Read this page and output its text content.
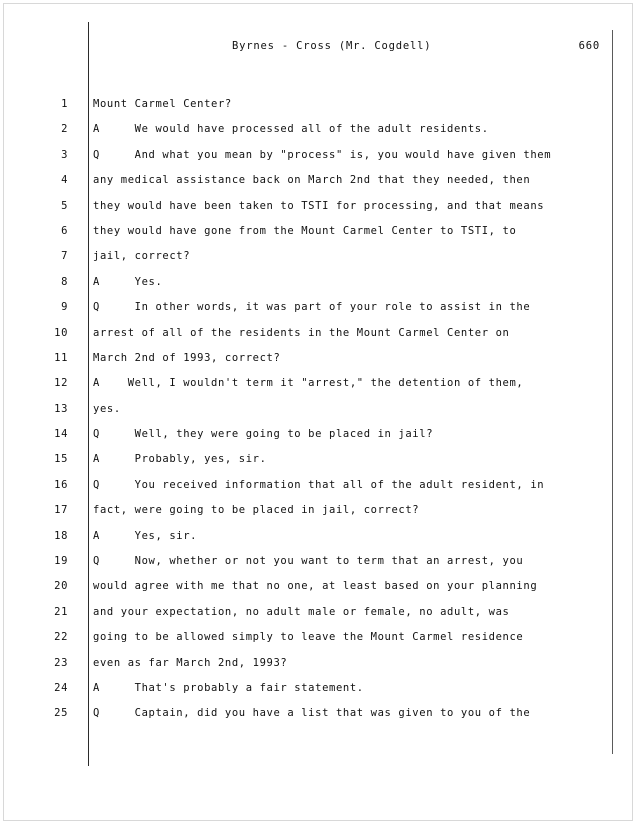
Byrnes - Cross (Mr. Cogdell)	660
1 Mount Carmel Center?
2 A     We would have processed all of the adult residents.
3 Q     And what you mean by "process" is, you would have given them
4 any medical assistance back on March 2nd that they needed, then
5 they would have been taken to TSTI for processing, and that means
6 they would have gone from the Mount Carmel Center to TSTI, to
7 jail, correct?
8 A     Yes.
9 Q     In other words, it was part of your role to assist in the
10 arrest of all of the residents in the Mount Carmel Center on
11 March 2nd of 1993, correct?
12 A    Well, I wouldn't term it "arrest," the detention of them,
13 yes.
14 Q     Well, they were going to be placed in jail?
15 A     Probably, yes, sir.
16 Q     You received information that all of the adult resident, in
17 fact, were going to be placed in jail, correct?
18 A     Yes, sir.
19 Q     Now, whether or not you want to term that an arrest, you
20 would agree with me that no one, at least based on your planning
21 and your expectation, no adult male or female, no adult, was
22 going to be allowed simply to leave the Mount Carmel residence
23 even as far March 2nd, 1993?
24 A     That's probably a fair statement.
25 Q     Captain, did you have a list that was given to you of the
